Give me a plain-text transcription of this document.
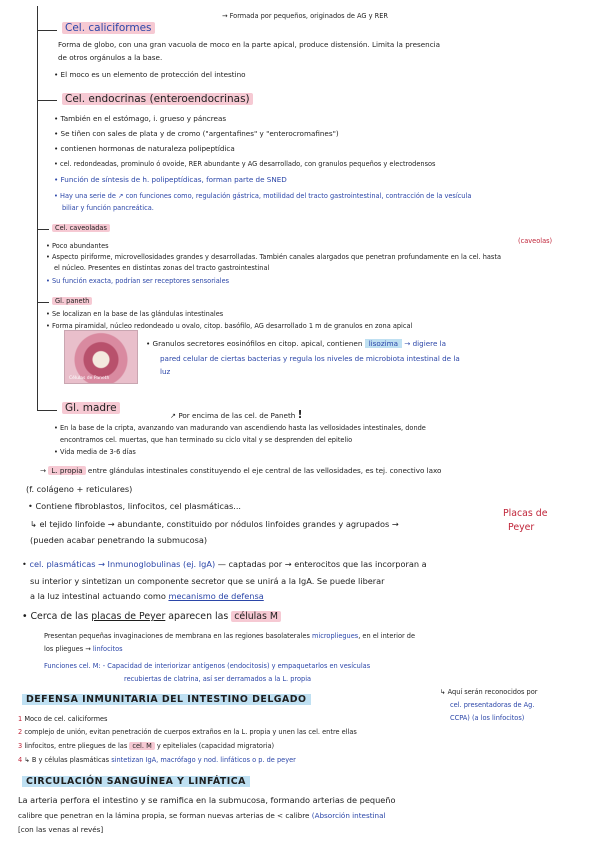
Cel. caliciformes
→ Formada por pequeños, originados de AG y RER
Forma de globo, con una gran vacuola de moco en la parte apical, produce distensión. Limita la presencia
de otros orgánulos a la base.
• El moco es un elemento de protección del intestino
Cel. endocrinas (enteroendocrinas)
• También en el estómago, i. grueso y páncreas
• Se tiñen con sales de plata y de cromo ("argentafines" y "enterocromafines")
• contienen hormonas de naturaleza polipeptídica
• cel. redondeadas, prominulo ó ovoide, RER abundante y AG desarrollado, con granulos pequeños y electrodensos
• Función de síntesis de h. polipeptídicas, forman parte de SNED
• Hay una serie de ↗ con funciones como, regulación gástrica, motilidad del tracto gastrointestinal, contracción de la vesícula
biliar y función pancreática.
Cel. caveoladas
(caveolas)
• Poco abundantes
• Aspecto piriforme, microvellosidades grandes y desarrolladas. También canales alargados que penetran profundamente en la cel. hasta
el núcleo. Presentes en distintas zonas del tracto gastrointestinal
• Su función exacta, podrían ser receptores sensoriales
Gl. paneth
• Se localizan en la base de las glándulas intestinales
• Forma piramidal, núcleo redondeado u ovalo, citop. basófilo, AG desarrollado 1 m de granulos en zona apical
Células de Paneth
• Granulos secretores eosinófilos en citop. apical, contienen lisozima → digiere la
pared celular de ciertas bacterias y regula los niveles de microbiota intestinal de la
luz
Gl. madre
↗ Por encima de las cel. de Paneth !
• En la base de la cripta, avanzando van madurando van ascendiendo hasta las vellosidades intestinales, donde
encontramos cel. muertas, que han terminado su ciclo vital y se desprenden del epitelio
• Vida media de 3-6 días
→ L. propia entre glándulas intestinales constituyendo el eje central de las vellosidades, es tej. conectivo laxo
(f. colágeno + reticulares)
• Contiene fibroblastos, linfocitos, cel plasmáticas...
↳ el tejido linfoide → abundante, constituido por nódulos linfoides grandes y agrupados →
Placas de
Peyer
(pueden acabar penetrando la submucosa)
• cel. plasmáticas → Inmunoglobulinas (ej. IgA) — captadas por → enterocitos que las incorporan a
su interior y sintetizan un componente secretor que se unirá a la IgA. Se puede liberar
a la luz intestinal actuando como mecanismo de defensa
• Cerca de las placas de Peyer aparecen las células M
Presentan pequeñas invaginaciones de membrana en las regiones basolaterales micropliegues, en el interior de
los pliegues → linfocitos
Funciones cel. M: - Capacidad de interiorizar antígenos (endocitosis) y empaquetarlos en vesículas
recubiertas de clatrina, así ser derramados a la L. propia
↳ Aquí serán reconocidos por
cel. presentadoras de Ag.
CCPA) (a los linfocitos)
DEFENSA INMUNITARIA DEL INTESTINO DELGADO
1 Moco de cel. caliciformes
2 complejo de unión, evitan penetración de cuerpos extraños en la L. propia y unen las cel. entre ellas
3 linfocitos, entre pliegues de las cel. M y epiteliales (capacidad migratoria)
4 ↳ B y células plasmáticas sintetizan IgA, macrófago y nod. linfáticos o p. de peyer
CIRCULACIÓN SANGUÍNEA Y LINFÁTICA
La arteria perfora el intestino y se ramifica en la submucosa, formando arterias de pequeño
calibre que penetran en la lámina propia, se forman nuevas arterias de < calibre (Absorción intestinal
[con las venas al revés]
